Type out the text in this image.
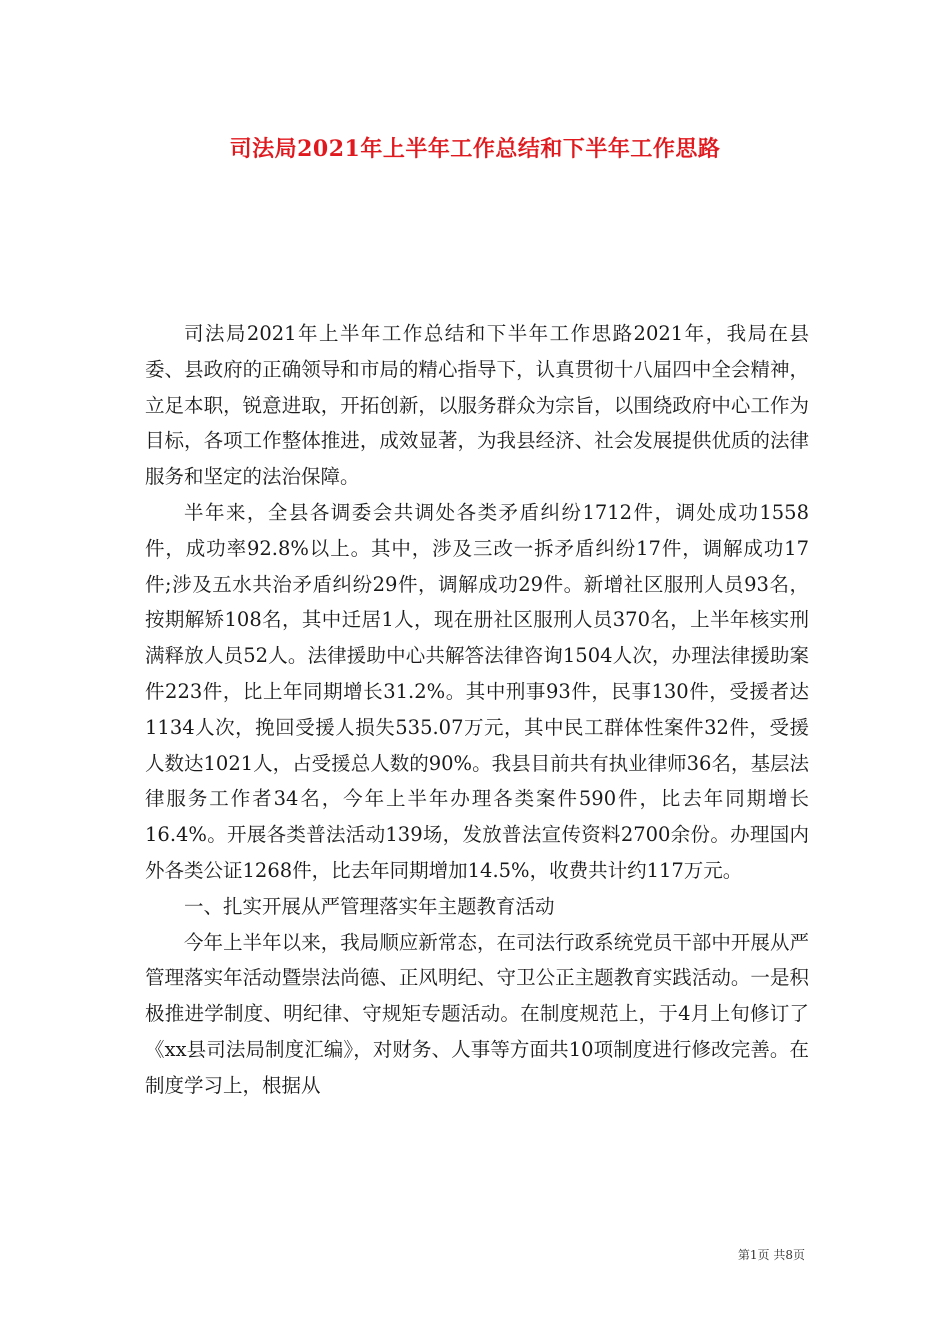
司法局2021年上半年工作总结和下半年工作思路

司法局2021年上半年工作总结和下半年工作思路2021年，我局在县委、县政府的正确领导和市局的精心指导下，认真贯彻十八届四中全会精神，立足本职，锐意进取，开拓创新，以服务群众为宗旨，以围绕政府中心工作为目标，各项工作整体推进，成效显著，为我县经济、社会发展提供优质的法律服务和坚定的法治保障。

半年来，全县各调委会共调处各类矛盾纠纷1712件，调处成功1558件，成功率92.8%以上。其中，涉及三改一拆矛盾纠纷17件，调解成功17件;涉及五水共治矛盾纠纷29件，调解成功29件。新增社区服刑人员93名，按期解矫108名，其中迁居1人，现在册社区服刑人员370名，上半年核实刑满释放人员52人。法律援助中心共解答法律咨询1504人次，办理法律援助案件223件，比上年同期增长31.2%。其中刑事93件，民事130件，受援者达1134人次，挽回受援人损失535.07万元，其中民工群体性案件32件，受援人数达1021人，占受援总人数的90%。我县目前共有执业律师36名，基层法律服务工作者34名，今年上半年办理各类案件590件，比去年同期增长16.4%。开展各类普法活动139场，发放普法宣传资料2700余份。办理国内外各类公证1268件，比去年同期增加14.5%，收费共计约117万元。

一、扎实开展从严管理落实年主题教育活动

今年上半年以来，我局顺应新常态，在司法行政系统党员干部中开展从严管理落实年活动暨崇法尚德、正风明纪、守卫公正主题教育实践活动。一是积极推进学制度、明纪律、守规矩专题活动。在制度规范上，于4月上旬修订了《xx县司法局制度汇编》，对财务、人事等方面共10项制度进行修改完善。在制度学习上，根据从

第1页 共8页
